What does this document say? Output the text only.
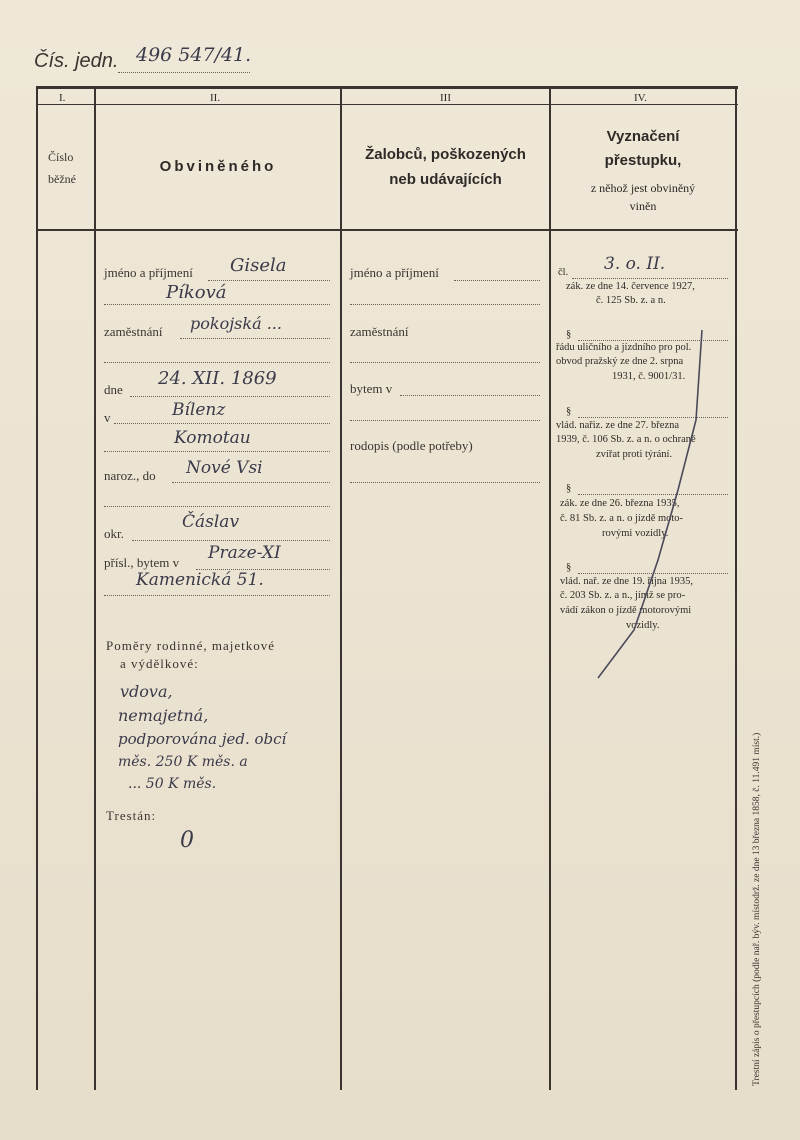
Čís. jedn. 496 547/41.
I.	II.	III	IV.
Číslo
běžné
Obviněného
Žalobců, poškozených
neb udávajících
Vyznačení
přestupku,
z něhož jest obviněný
viněn
jméno a příjmení Gisela
Píková
zaměstnání pokojská ...
dne
24. XII. 1869
v	Bílenz
Komotau
naroz., do Nové Vsi
okr.
Čáslav
přísl., bytem v Praze-XI
Kamenická 51.
Poměry rodinné, majetkové
a výdělkové:
vdova,
nemajetná,
podporována jed. obcí
měs. 250 K měs. a
... 50 K měs.
Trestán:
0
jméno a příjmení
zaměstnání
bytem v
rodopis (podle potřeby)
čl. 3. o. II.
zák. ze dne 14. července 1927,
č. 125 Sb. z. a n.
§
řádu uličního a jízdního pro pol.
obvod pražský ze dne 2. srpna
1931, č. 9001/31.
§
vlád. nařiz. ze dne 27. března
1939, č. 106 Sb. z. a n. o ochraně
zvířat proti týrání.
§
zák. ze dne 26. března 1935,
č. 81 Sb. z. a n. o jízdě moto-
rovými vozidly.
§
vlád. nař. ze dne 19. října 1935,
č. 203 Sb. z. a n., jímž se pro-
vádí zákon o jízdě motorovými
vozidly.
Trestní zápis o přestupcích (podle nař. býv. místodrž. ze dne 13 března 1858, č. 11.491 míst.)
